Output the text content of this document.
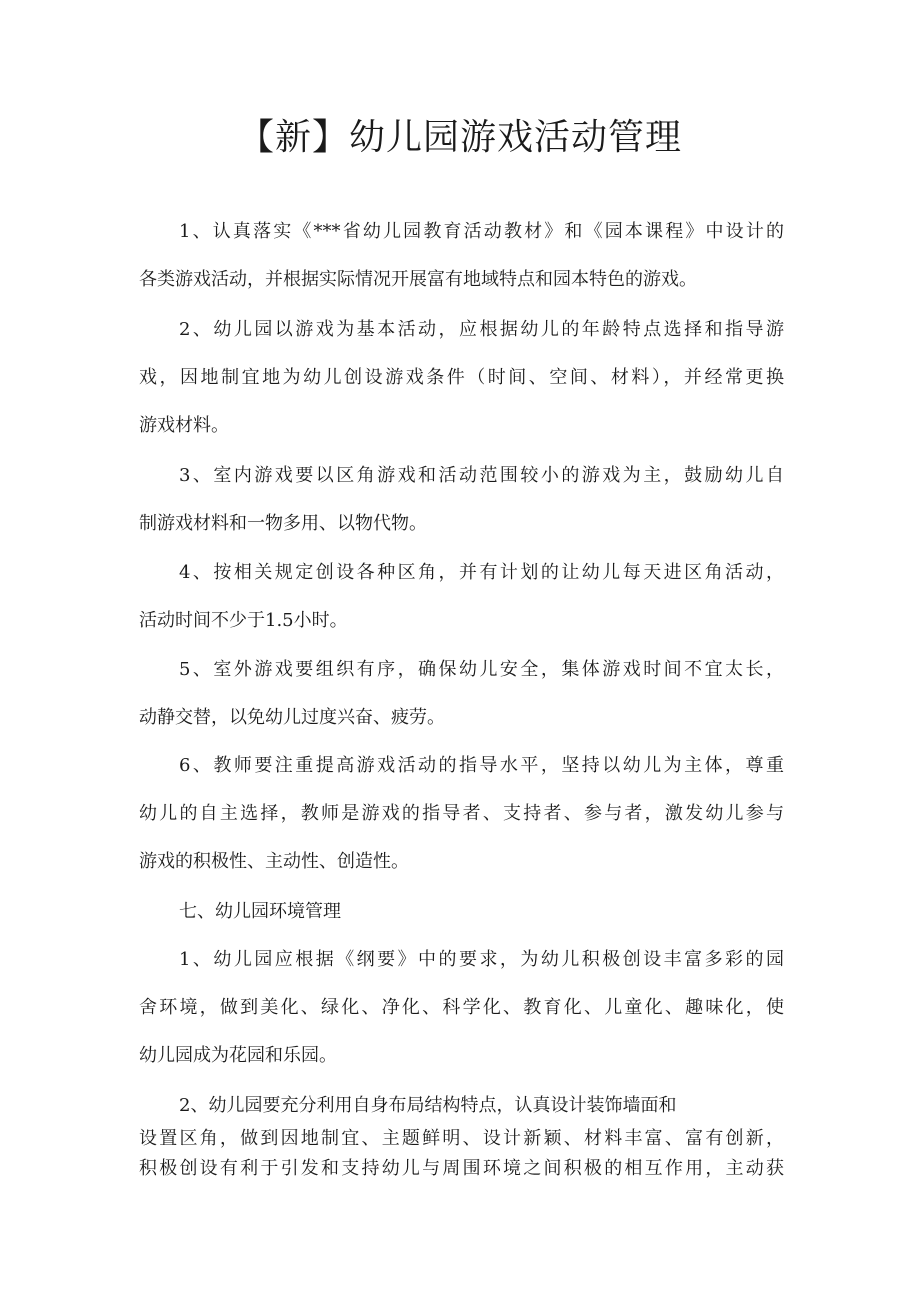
【新】幼儿园游戏活动管理
1、认真落实《***省幼儿园教育活动教材》和《园本课程》中设计的
各类游戏活动，并根据实际情况开展富有地域特点和园本特色的游戏。
2、幼儿园以游戏为基本活动，应根据幼儿的年龄特点选择和指导游
戏，因地制宜地为幼儿创设游戏条件（时间、空间、材料），并经常更换
游戏材料。
3、室内游戏要以区角游戏和活动范围较小的游戏为主，鼓励幼儿自
制游戏材料和一物多用、以物代物。
4、按相关规定创设各种区角，并有计划的让幼儿每天进区角活动，
活动时间不少于1.5小时。
5、室外游戏要组织有序，确保幼儿安全，集体游戏时间不宜太长，
动静交替，以免幼儿过度兴奋、疲劳。
6、教师要注重提高游戏活动的指导水平，坚持以幼儿为主体，尊重
幼儿的自主选择，教师是游戏的指导者、支持者、参与者，激发幼儿参与
游戏的积极性、主动性、创造性。
七、幼儿园环境管理
1、幼儿园应根据《纲要》中的要求，为幼儿积极创设丰富多彩的园
舍环境，做到美化、绿化、净化、科学化、教育化、儿童化、趣味化，使
幼儿园成为花园和乐园。
2、幼儿园要充分利用自身布局结构特点，认真设计装饰墙面和
设置区角，做到因地制宜、主题鲜明、设计新颖、材料丰富、富有创新，
积极创设有利于引发和支持幼儿与周围环境之间积极的相互作用，主动获
